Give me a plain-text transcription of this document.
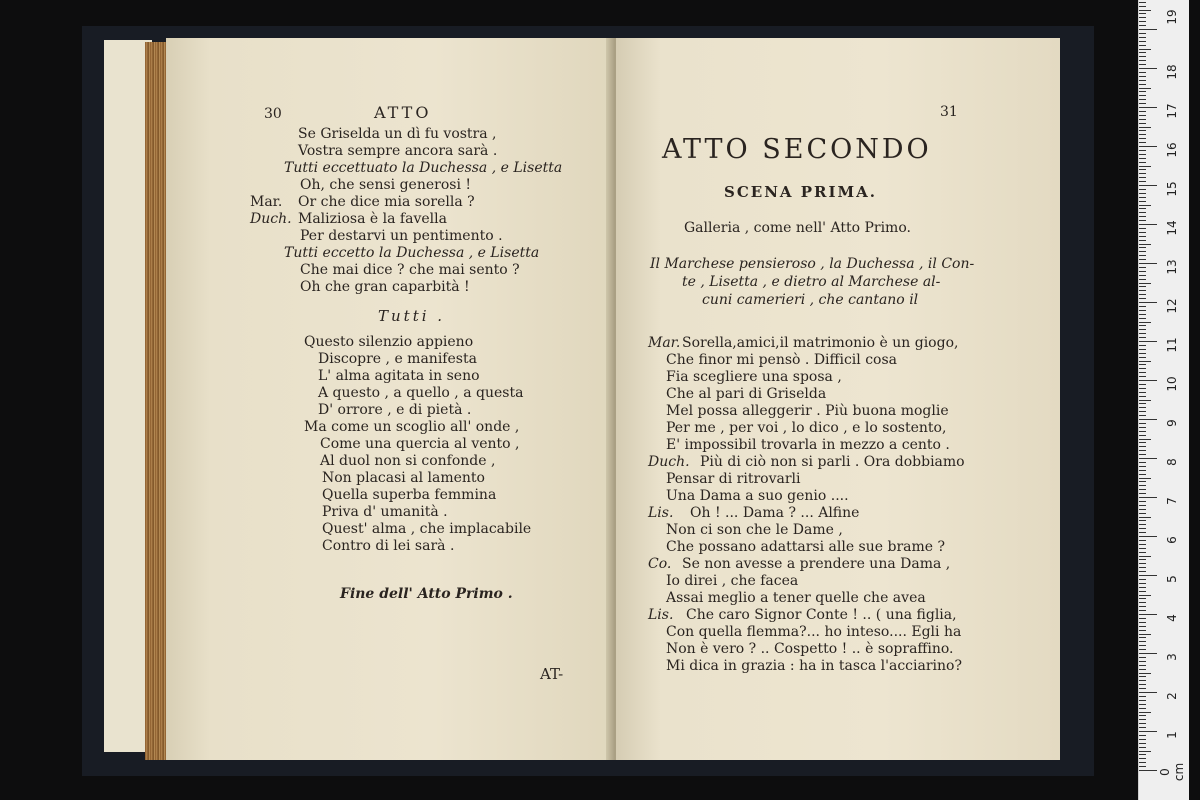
30	ATTO
Mar.
Duch.
Se Griselda un dì fu vostra ,
Vostra sempre ancora sarà .
Tutti eccettuato la Duchessa , e Lisetta
Oh, che sensi generosi !
Or che dice mia sorella ?
Maliziosa è la favella
Per destarvi un pentimento .
Tutti eccetto la Duchessa , e Lisetta
Che mai dice ? che mai sento ?
Oh che gran caparbità !
Tutti .
Questo silenzio appieno
Discopre , e manifesta
L' alma agitata in seno
A questo , a quello , a questa
D' orrore , e di pietà .
Ma come un scoglio all' onde ,
Come una quercia al vento ,
Al duol non si confonde ,
Non placasi al lamento
Quella superba femmina
Priva d' umanità .
Quest' alma , che implacabile
Contro di lei sarà .
Fine dell' Atto Primo .
AT-
31
ATTO SECONDO
SCENA PRIMA.
Galleria , come nell' Atto Primo.
Il Marchese pensieroso , la Duchessa , il Con-
te , Lisetta , e dietro al Marchese al-
cuni camerieri , che cantano il
Mar.
Duch.
Lis.
Co.
Lis.
Sorella,amici,il matrimonio è un giogo,
Che finor mi pensò . Difficil cosa
Fia scegliere una sposa ,
Che al pari di Griselda
Mel possa alleggerir . Più buona moglie
Per me , per voi , lo dico , e lo sostento,
E' impossibil trovarla in mezzo a cento .
Più di ciò non si parli . Ora dobbiamo
Pensar di ritrovarli
Una Dama a suo genio ....
Oh ! ... Dama ? ... Alfine
Non ci son che le Dame ,
Che possano adattarsi alle sue brame ?
Se non avesse a prendere una Dama ,
Io direi , che facea
Assai meglio a tener quelle che avea
Che caro Signor Conte ! .. ( una figlia,
Con quella flemma?... ho inteso.... Egli ha
Non è vero ? .. Cospetto ! .. è sopraffino.
Mi dica in grazia : ha in tasca l'acciarino?
0 cm
1
2
3
4
5
6
7
8
9
10
11
12
13
14
15
16
17
18
19
